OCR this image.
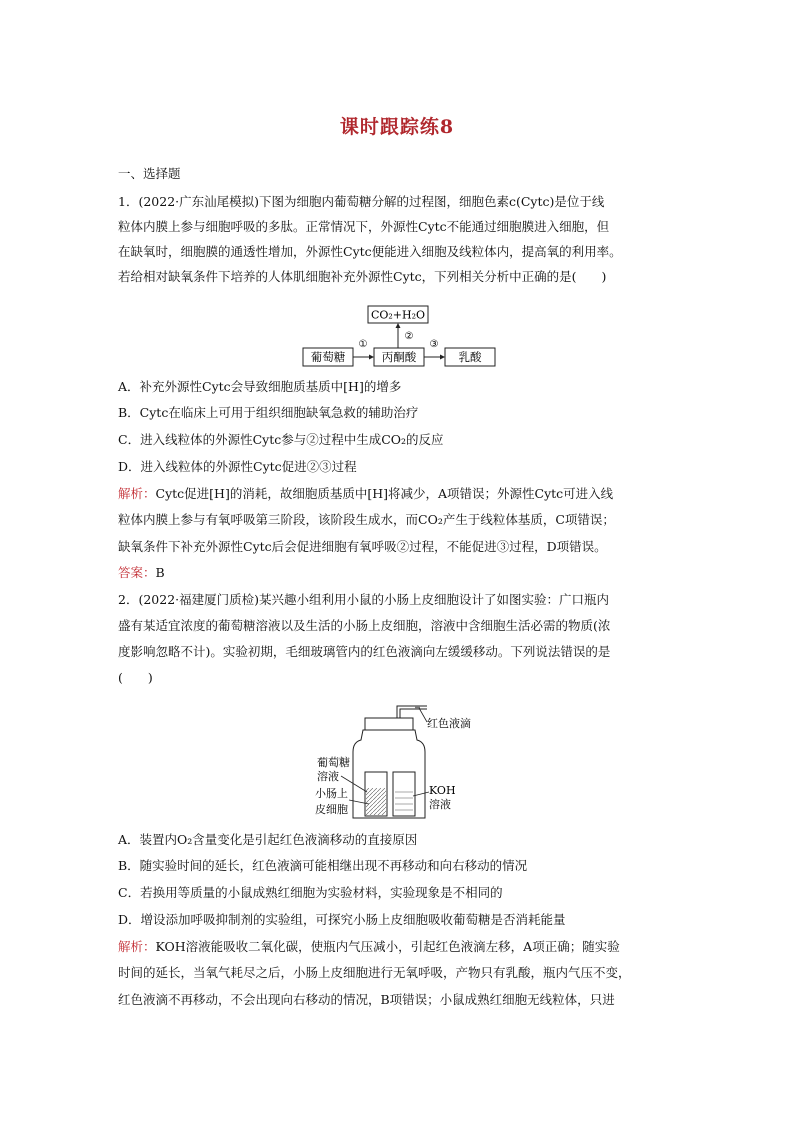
课时跟踪练8
一、选择题
1．(2022·广东汕尾模拟)下图为细胞内葡萄糖分解的过程图，细胞色素c(Cytc)是位于线
粒体内膜上参与细胞呼吸的多肽。正常情况下，外源性Cytc不能通过细胞膜进入细胞，但
在缺氧时，细胞膜的通透性增加，外源性Cytc便能进入细胞及线粒体内，提高氧的利用率。
若给相对缺氧条件下培养的人体肌细胞补充外源性Cytc，下列相关分析中正确的是(　　)
CO₂+H₂O
葡萄糖	丙酮酸	乳酸
①	③
②
A．补充外源性Cytc会导致细胞质基质中[H]的增多
B．Cytc在临床上可用于组织细胞缺氧急救的辅助治疗
C．进入线粒体的外源性Cytc参与②过程中生成CO₂的反应
D．进入线粒体的外源性Cytc促进②③过程
解析：Cytc促进[H]的消耗，故细胞质基质中[H]将减少，A项错误；外源性Cytc可进入线
粒体内膜上参与有氧呼吸第三阶段，该阶段生成水，而CO₂产生于线粒体基质，C项错误；
缺氧条件下补充外源性Cytc后会促进细胞有氧呼吸②过程，不能促进③过程，D项错误。
答案：B
2．(2022·福建厦门质检)某兴趣小组利用小鼠的小肠上皮细胞设计了如图实验：广口瓶内
盛有某适宜浓度的葡萄糖溶液以及生活的小肠上皮细胞，溶液中含细胞生活必需的物质(浓
度影响忽略不计)。实验初期，毛细玻璃管内的红色液滴向左缓缓移动。下列说法错误的是
(　　)
红色液滴
KOH
溶液
葡萄糖
溶液
小肠上
皮细胞
A．装置内O₂含量变化是引起红色液滴移动的直接原因
B．随实验时间的延长，红色液滴可能相继出现不再移动和向右移动的情况
C．若换用等质量的小鼠成熟红细胞为实验材料，实验现象是不相同的
D．增设添加呼吸抑制剂的实验组，可探究小肠上皮细胞吸收葡萄糖是否消耗能量
解析：KOH溶液能吸收二氧化碳，使瓶内气压减小，引起红色液滴左移，A项正确；随实验
时间的延长，当氧气耗尽之后，小肠上皮细胞进行无氧呼吸，产物只有乳酸，瓶内气压不变，
红色液滴不再移动，不会出现向右移动的情况，B项错误；小鼠成熟红细胞无线粒体，只进
